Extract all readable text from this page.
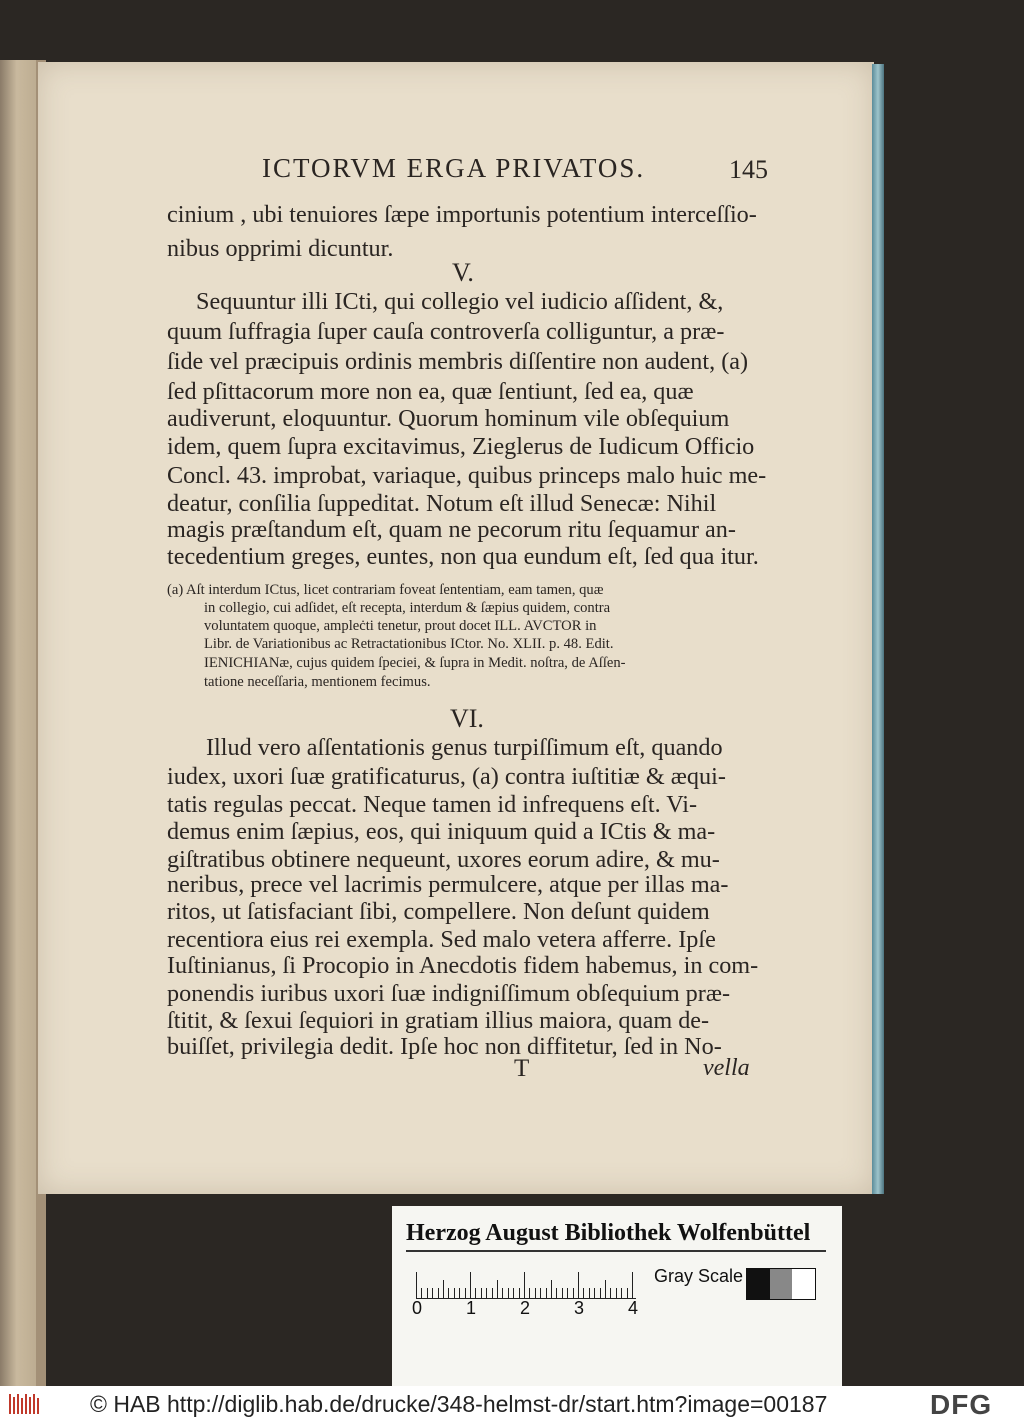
ICTORVM ERGA PRIVATOS.	145
cinium , ubi tenuiores ſæpe importunis potentium interceſſio-
nibus opprimi dicuntur.
V.
Sequuntur illi ICti, qui collegio vel iudicio aſſident, &,
quum ſuffragia ſuper cauſa controverſa colliguntur, a præ-
ſide vel præcipuis ordinis membris diſſentire non audent, (a)
ſed pſittacorum more non ea, quæ ſentiunt, ſed ea, quæ
audiverunt, eloquuntur. Quorum hominum vile obſequium
idem, quem ſupra excitavimus, Zieglerus de Iudicum Officio
Concl. 43. improbat, variaque, quibus princeps malo huic me-
deatur, conſilia ſuppeditat. Notum eſt illud Senecæ: Nihil
magis præſtandum eſt, quam ne pecorum ritu ſequamur an-
tecedentium greges, euntes, non qua eundum eſt, ſed qua itur.
(a) Aſt interdum ICtus, licet contrariam foveat ſententiam, eam tamen, quæ
in collegio, cui adſidet, eſt recepta, interdum & ſæpius quidem, contra
voluntatem quoque, ampleċti tenetur, prout docet ILL. AVCTOR in
Libr. de Variationibus ac Retractationibus ICtor. No. XLII. p. 48. Edit.
IENICHIANæ, cujus quidem ſpeciei, & ſupra in Medit. noſtra, de Aſſen-
tatione neceſſaria, mentionem fecimus.
VI.
Illud vero aſſentationis genus turpiſſimum eſt, quando
iudex, uxori ſuæ gratificaturus, (a) contra iuſtitiæ & æqui-
tatis regulas peccat. Neque tamen id infrequens eſt. Vi-
demus enim ſæpius, eos, qui iniquum quid a ICtis & ma-
giſtratibus obtinere nequeunt, uxores eorum adire, & mu-
neribus, prece vel lacrimis permulcere, atque per illas ma-
ritos, ut ſatisfaciant ſibi, compellere. Non deſunt quidem
recentiora eius rei exempla. Sed malo vetera afferre. Ipſe
Iuſtinianus, ſi Procopio in Anecdotis fidem habemus, in com-
ponendis iuribus uxori ſuæ indigniſſimum obſequium præ-
ſtitit, & ſexui ſequiori in gratiam illius maiora, quam de-
buiſſet, privilegia dedit. Ipſe hoc non diffitetur, ſed in No-
T	vella
Herzog August Bibliothek Wolfenbüttel
Gray Scale
0 1 2 3 4
© HAB http://diglib.hab.de/drucke/348-helmst-dr/start.htm?image=00187	DFG
